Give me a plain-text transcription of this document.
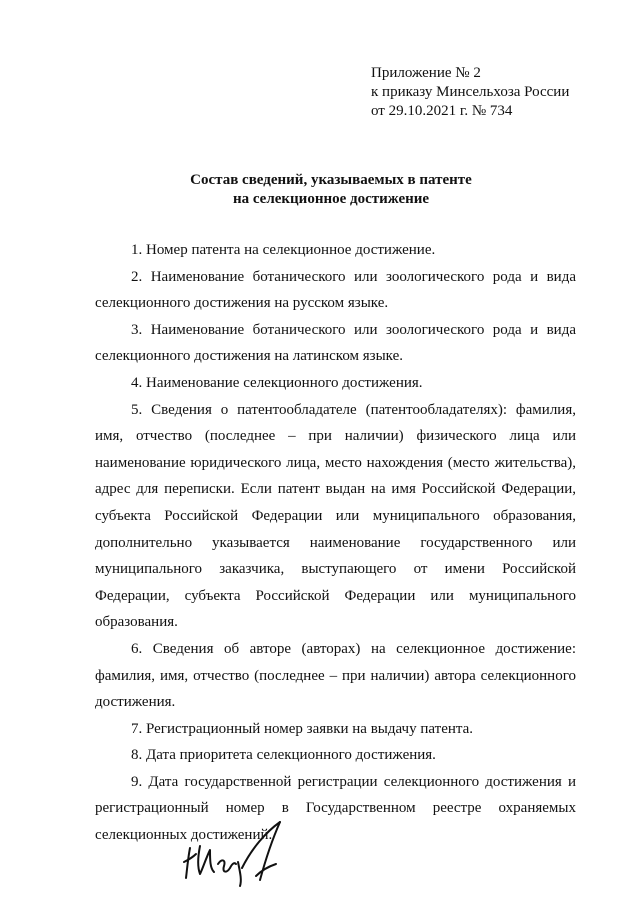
Приложение № 2
к приказу Минсельхоза России
от 29.10.2021 г. № 734
Состав сведений, указываемых в патенте
на селекционное достижение

1. Номер патента на селекционное достижение.

2. Наименование ботанического или зоологического рода и вида селекционного достижения на русском языке.

3. Наименование ботанического или зоологического рода и вида селекционного достижения на латинском языке.

4. Наименование селекционного достижения.

5. Сведения о патентообладателе (патентообладателях): фамилия, имя, отчество (последнее – при наличии) физического лица или наименование юридического лица, место нахождения (место жительства), адрес для переписки. Если патент выдан на имя Российской Федерации, субъекта Российской Федерации или муниципального образования, дополнительно указывается наименование государственного или муниципального заказчика, выступающего от имени Российской Федерации, субъекта Российской Федерации или муниципального образования.

6. Сведения об авторе (авторах) на селекционное достижение: фамилия, имя, отчество (последнее – при наличии) автора селекционного достижения.

7. Регистрационный номер заявки на выдачу патента.

8. Дата приоритета селекционного достижения.

9. Дата государственной регистрации селекционного достижения и регистрационный номер в Государственном реестре охраняемых селекционных достижений.
